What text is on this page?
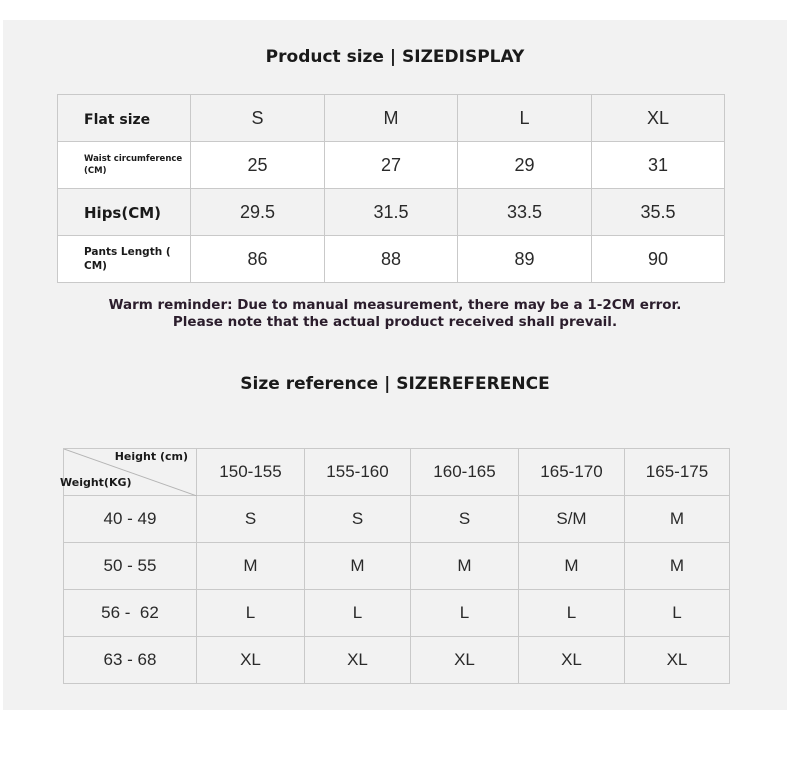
Product size | SIZEDISPLAY
Flat size	S	M	L	XL

Waist circumference (CM)	25	27	29	31
Hips(CM)	29.5	31.5	33.5	35.5

Pants Length ( CM)	86	88	89	90
Warm reminder: Due to manual measurement, there may be a 1-2CM error.
Please note that the actual product received shall prevail.
Size reference | SIZEREFERENCE
Height (cm)
Weight(KG)	150-155	155-160	160-165	165-170	165-175
40 - 49	S	S	S	S/M	M
50 - 55	M	M	M	M	M
56 -  62	L	L	L	L	L
63 - 68	XL	XL	XL	XL	XL
